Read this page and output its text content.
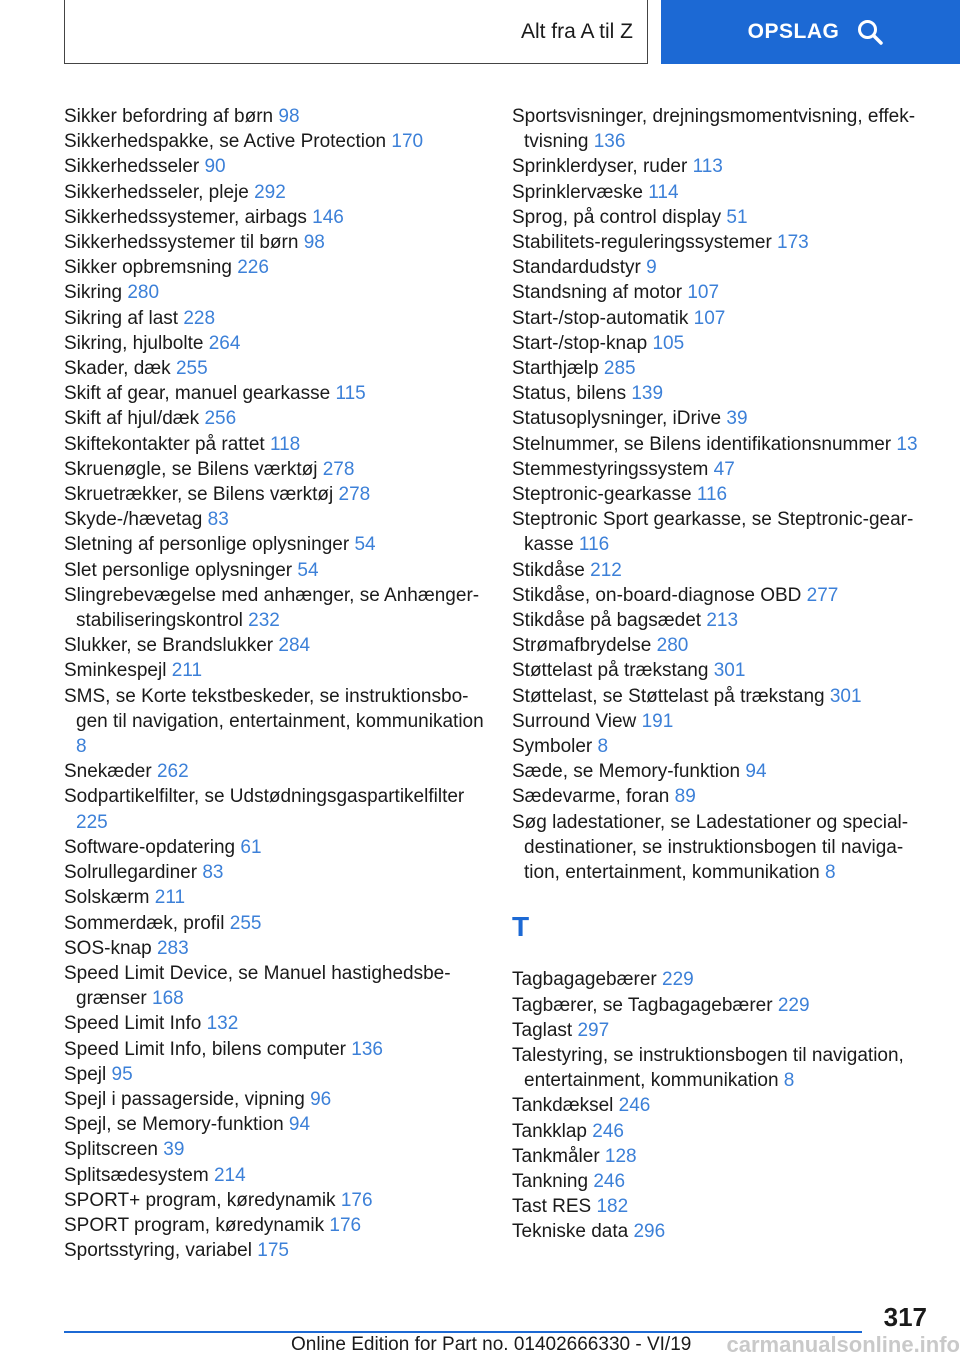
Alt fra A til Z	OPSLAG
Sikker befordring af børn 98
Sikkerhedspakke, se Active Protection 170
Sikkerhedsseler 90
Sikkerhedsseler, pleje 292
Sikkerhedssystemer, airbags 146
Sikkerhedssystemer til børn 98
Sikker opbremsning 226
Sikring 280
Sikring af last 228
Sikring, hjulbolte 264
Skader, dæk 255
Skift af gear, manuel gearkasse 115
Skift af hjul/dæk 256
Skiftekontakter på rattet 118
Skruenøgle, se Bilens værktøj 278
Skruetrækker, se Bilens værktøj 278
Skyde-/hævetag 83
Sletning af personlige oplysninger 54
Slet personlige oplysninger 54
Slingrebevægelse med anhænger, se Anhænger-stabiliseringskontrol 232
Slukker, se Brandslukker 284
Sminkespejl 211
SMS, se Korte tekstbeskeder, se instruktionsbogen til navigation, entertainment, kommunikation 8
Snekæder 262
Sodpartikelfilter, se Udstødningsgaspartikelfilter 225
Software-opdatering 61
Solrullegardiner 83
Solskærm 211
Sommerdæk, profil 255
SOS-knap 283
Speed Limit Device, se Manuel hastighedsbegrænser 168
Speed Limit Info 132
Speed Limit Info, bilens computer 136
Spejl 95
Spejl i passagerside, vipning 96
Spejl, se Memory-funktion 94
Splitscreen 39
Splitsædesystem 214
SPORT+ program, køredynamik 176
SPORT program, køredynamik 176
Sportsstyring, variabel 175
Sportsvisninger, drejningsmomentvisning, effektvisning 136
Sprinklerdyser, ruder 113
Sprinklervæske 114
Sprog, på control display 51
Stabilitets-reguleringssystemer 173
Standardudstyr 9
Standsning af motor 107
Start-/stop-automatik 107
Start-/stop-knap 105
Starthjælp 285
Status, bilens 139
Statusoplysninger, iDrive 39
Stelnummer, se Bilens identifikationsnummer 13
Stemmestyringssystem 47
Steptronic-gearkasse 116
Steptronic Sport gearkasse, se Steptronic-gearkasse 116
Stikdåse 212
Stikdåse, on-board-diagnose OBD 277
Stikdåse på bagsædet 213
Strømafbrydelse 280
Støttelast på trækstang 301
Støttelast, se Støttelast på trækstang 301
Surround View 191
Symboler 8
Sæde, se Memory-funktion 94
Sædevarme, foran 89
Søg ladestationer, se Ladestationer og specialdestinationer, se instruktionsbogen til navigation, entertainment, kommunikation 8
T
Tagbagagebærer 229
Tagbærer, se Tagbagagebærer 229
Taglast 297
Talestyring, se instruktionsbogen til navigation, entertainment, kommunikation 8
Tankdæksel 246
Tankklap 246
Tankmåler 128
Tankning 246
Tast RES 182
Tekniske data 296
317
Online Edition for Part no. 01402666330 - VI/19 carmanualsonline.info
